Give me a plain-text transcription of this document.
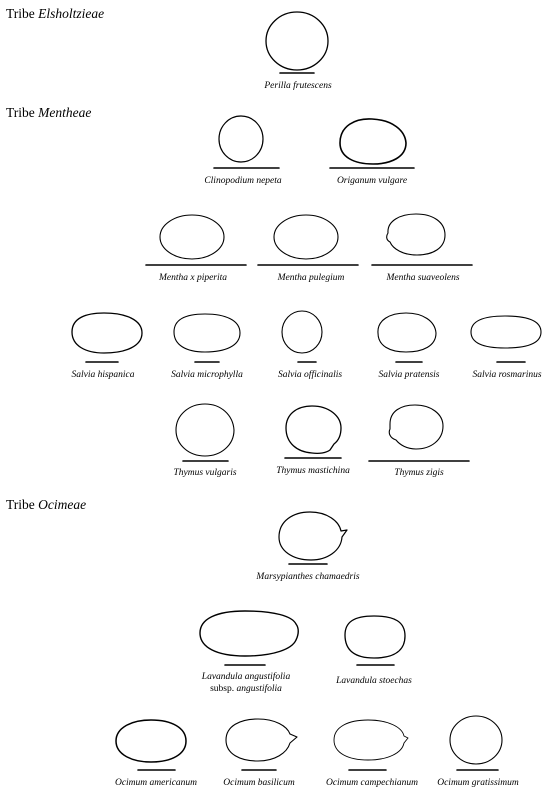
Tribe Elsholtzieae
Tribe Mentheae
Tribe Ocimeae
Perilla frutescens
Clinopodium nepeta	Origanum vulgare
Mentha x piperita	Mentha pulegium	Mentha suaveolens
Salvia hispanica	Salvia microphylla	Salvia officinalis	Salvia pratensis	Salvia rosmarinus
Thymus vulgaris	Thymus mastichina	Thymus zigis
Marsypianthes chamaedris
Lavandula angustifolia
subsp. angustifolia
Lavandula stoechas
Ocimum americanum	Ocimum basilicum	Ocimum campechianum Ocimum gratissimum
